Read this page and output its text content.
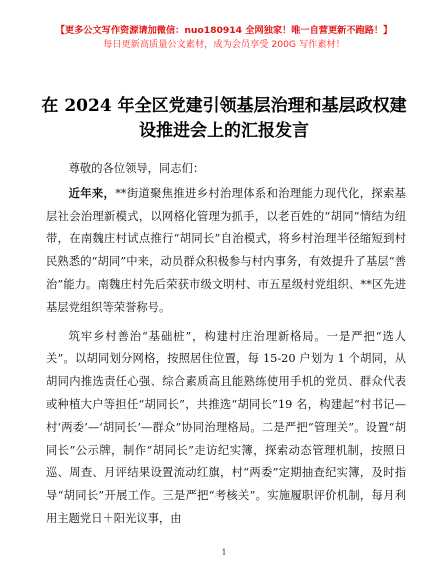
【更多公文写作资源请加微信：nuo180914 全网独家！唯一自营更新不跑路！】
每日更新高质量公文素材，成为会员享受 200G 写作素材！
在 2024 年全区党建引领基层治理和基层政权建设推进会上的汇报发言

尊敬的各位领导，同志们：

近年来，**街道聚焦推进乡村治理体系和治理能力现代化，探索基层社会治理新模式，以网格化管理为抓手，以老百姓的“胡同”情结为纽带，在南魏庄村试点推行“胡同长”自治模式，将乡村治理半径缩短到村民熟悉的“胡同”中来，动员群众积极参与村内事务，有效提升了基层“善治”能力。南魏庄村先后荣获市级文明村、市五星级村党组织、**区先进基层党组织等荣誉称号。

筑牢乡村善治“基础桩”，构建村庄治理新格局。一是严把“选人关”。以胡同划分网格，按照居住位置，每 15-20 户划为 1 个胡同，从胡同内推选责任心强、综合素质高且能熟练使用手机的党员、群众代表或种植大户等担任“胡同长”，共推选“胡同长”19 名，构建起“村书记—村‘两委’—‘胡同长’—群众”协同治理格局。二是严把“管理关”。设置“胡同长”公示牌，制作“胡同长”走访纪实簿，探索动态管理机制，按照日巡、周查、月评结果设置流动红旗，村“两委”定期抽查纪实簿，及时指导“胡同长”开展工作。三是严把“考核关”。实施履职评价机制，每月利用主题党日＋阳光议事，由

1
